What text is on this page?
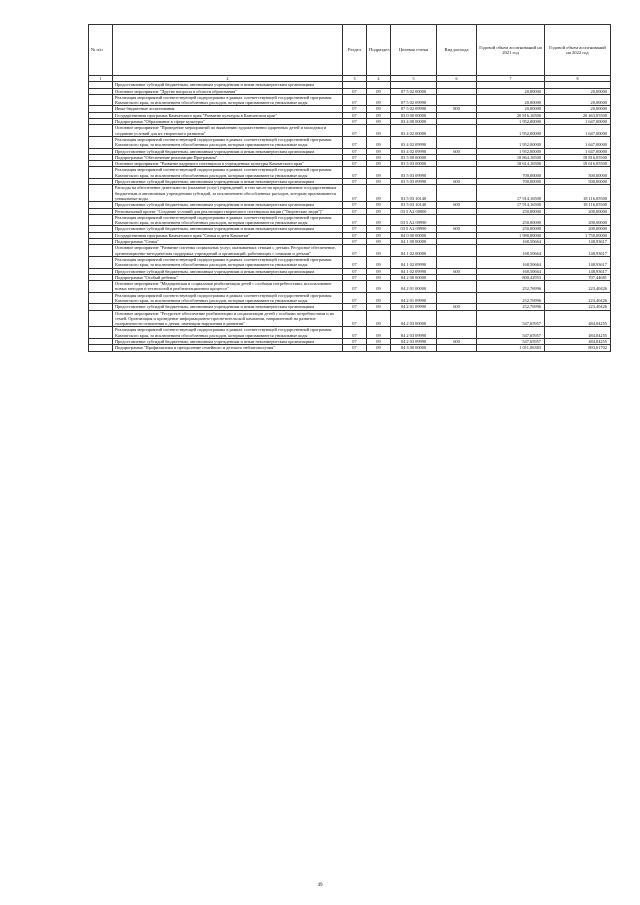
№ п/п		Раздел	Подраздел	Целевая статья	Вид расхода	Годовой объем ассигнований на 2021 год	Годовой объем ассигнований на 2022 год
1	2	3	4	5	6	7	8
	Предоставление субсидий бюджетным, автономным учреждениям и иным некоммерческим организациям						
	Основное мероприятие "Другие вопросы в области образования"	07	09	07 5 02 00000		20,00000	20,00000
	Реализация мероприятий соответствующей подпрограммы в рамках соответствующей государственной программы Камчатского края, за исключением обособленных расходов, которым присваиваются уникальные коды	07	09	07 5 02 09990		20,00000	20,00000
	Иные бюджетные ассигнования	07	09	07 5 02 09990	800	20,00000	20,00000
	Государственная программа Камчатского края "Развитие культуры в Камчатском крае"	07	09	03 0 00 00000		20 816,16500	20 463,05500
	Подпрограмма "Образование в сфере культуры"	07	09	03 4 00 00000		1 952,00000	1 647,00000
	Основное мероприятие "Проведение мероприятий по выявлению художественно одаренных детей и молодежи и созданию условий для их творческого развития"	07	09	03 4 02 00000		1 952,00000	1 647,00000
	Реализация мероприятий соответствующей подпрограммы в рамках соответствующей государственной программы Камчатского края, за исключением обособленных расходов, которым присваиваются уникальные коды	07	09	03 4 02 09990		1 952,00000	1 647,00000
	Предоставление субсидий бюджетным, автономным учреждениям и иным некоммерческим организациям	07	09	03 4 02 09990	600	1 952,00000	1 647,00000
	Подпрограмма "Обеспечение реализации Программы"	07	09	03 5 00 00000		18 864,16500	18 816,05500
	Основное мероприятие "Развитие кадрового потенциала в учреждениях культуры Камчатского края"	07	09	03 5 03 00000		18 614,16500	18 616,05500
	Реализация мероприятий соответствующей подпрограммы в рамках соответствующей государственной программы Камчатского края, за исключением обособленных расходов, которым присваиваются уникальные коды	07	09	03 5 03 09990		700,00000	500,00000
	Предоставление субсидий бюджетным, автономным учреждениям и иным некоммерческим организациям	07	09	03 5 03 09990	600	700,00000	500,00000
	Расходы на обеспечение деятельности (оказание услуг) учреждений, в том числе на предоставление государственным бюджетным и автономным учреждениям субсидий, за исключением обособленных расходов, которым присваиваются уникальные коды	07	09	03 5 03 10140		17 914,16500	18 116,05500
	Предоставление субсидий бюджетным, автономным учреждениям и иным некоммерческим организациям	07	09	03 5 03 10140	600	17 914,16500	18 116,05500
	Региональный проект "Создание условий для реализации творческого потенциала нации ("Творческие люди")"	07	09	03 5 A2 00000		250,00000	200,00000
	Реализация мероприятий соответствующей подпрограммы в рамках соответствующей государственной программы Камчатского края, за исключением обособленных расходов, которым присваиваются уникальные коды	07	09	03 5 A2 09990		250,00000	200,00000
	Предоставление субсидий бюджетным, автономным учреждениям и иным некоммерческим организациям	07	09	03 5 A2 09990	600	250,00000	200,00000
	Государственная программа Камчатского края "Семья и дети Камчатки"	07	09	04 0 00 00000		1 980,00000	1 750,00000
	Подпрограмма "Семья"	07	09	04 1 00 00000		168,50664	148,93617
	Основное мероприятие "Развитие системы социальных услуг, оказываемых семьям с детьми. Ресурсное обеспечение, организационно-методическая поддержка учреждений и организаций, работающих с семьями и детьми"	07	09	04 1 02 00000		168,50664	148,93617
	Реализация мероприятий соответствующей подпрограммы в рамках соответствующей государственной программы Камчатского края, за исключением обособленных расходов, которым присваиваются уникальные коды	07	09	04 1 02 09990		168,50664	148,93617
	Предоставление субсидий бюджетным, автономным учреждениям и иным некоммерческим организациям	07	09	04 1 02 09990	600	168,50664	148,93617
	Подпрограмма "Особый ребенок"	07	09	04 2 00 00000		800,42953	707,44681
	Основное мероприятие "Медицинская и социальная реабилитация детей с особыми потребностями, использование новых методов и технологий в реабилитационном процессе"	07	09	04 2 01 00000		252,76996	223,40426
	Реализация мероприятий соответствующей подпрограммы в рамках соответствующей государственной программы Камчатского края, за исключением обособленных расходов, которым присваиваются уникальные коды	07	09	04 2 01 09990		252,76996	223,40426
	Предоставление субсидий бюджетным, автономным учреждениям и иным некоммерческим организациям	07	09	04 2 01 09990	600	252,76996	223,40426
	Основное мероприятие "Ресурсное обеспечение реабилитации и социализации детей с особыми потребностями и их семей. Организация и проведение информационно-просветительской кампании, направленной на развитие толерантности отношения к детям, имеющим нарушения в развитии"	07	09	04 2 03 00000		547,65957	484,04255
	Реализация мероприятий соответствующей подпрограммы в рамках соответствующей государственной программы Камчатского края, за исключением обособленных расходов, которым присваиваются уникальные коды	07	09	04 2 03 09990		547,65957	484,04255
	Предоставление субсидий бюджетным, автономным учреждениям и иным некоммерческим организациям	07	09	04 2 03 09990	600	547,65957	484,04255
	Подпрограмма "Профилактика и преодоление семейного и детского неблагополучия"	07	09	04 3 00 00000		1 011,06383	893,61702
49
